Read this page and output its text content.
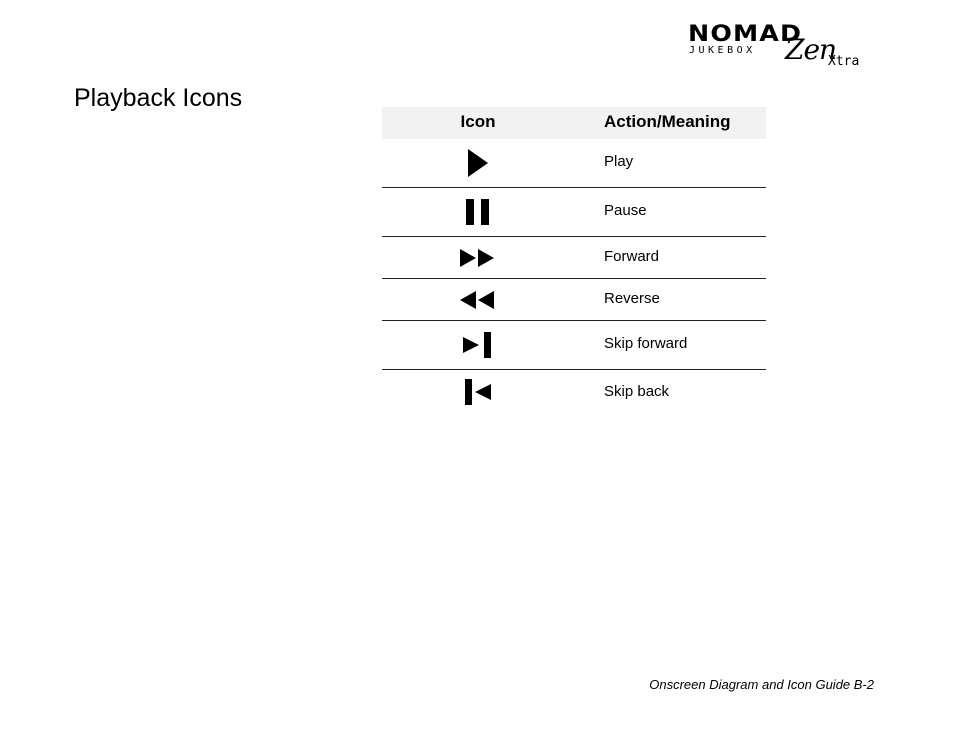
NOMAD
JUKEBOX Zen
Xtra
Playback Icons
Icon	Action/Meaning
Play
Pause
Forward
Reverse
Skip forward
Skip back
Onscreen Diagram and Icon Guide B-2
